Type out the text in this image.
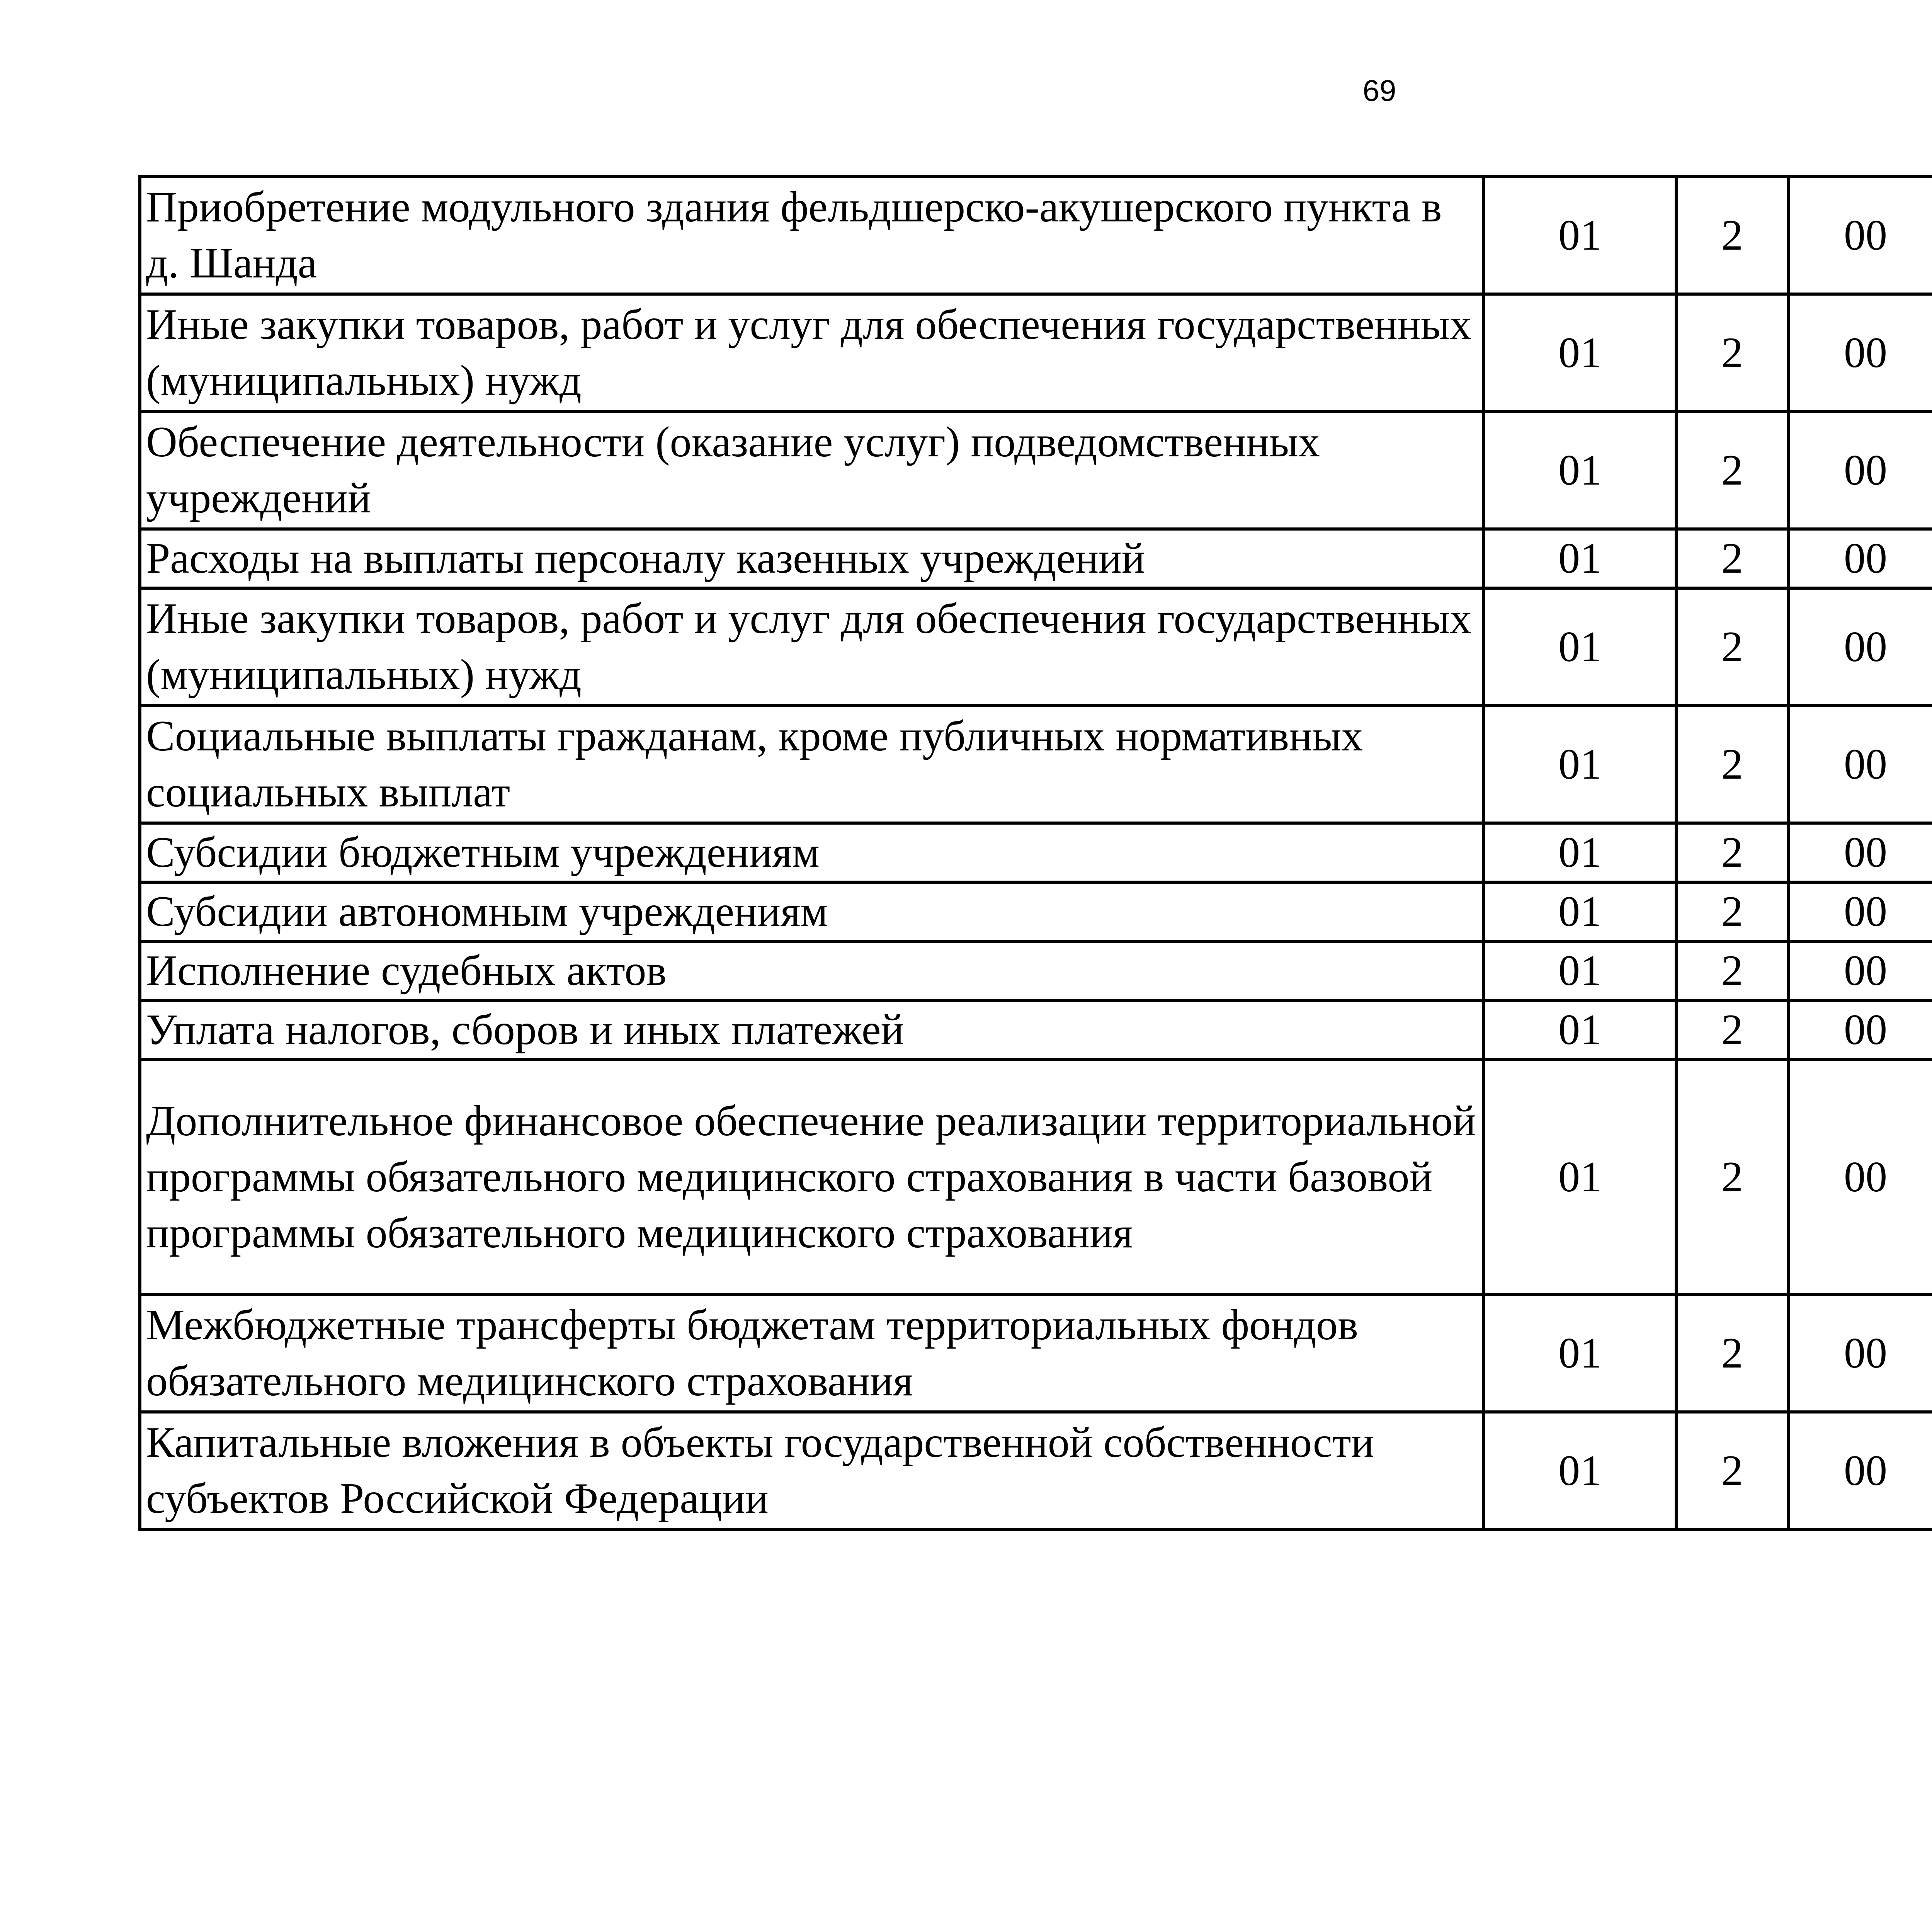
69
Приобретение модульного здания фельдшерско-акушерского пункта в д. Шанда	01	2	00			
Иные закупки товаров, работ и услуг для обеспечения государственных (муниципальных) нужд	01	2	00			
Обеспечение деятельности (оказание услуг) подведомственных учреждений	01	2	00			
Расходы на выплаты персоналу казенных учреждений	01	2	00			
Иные закупки товаров, работ и услуг для обеспечения государственных (муниципальных) нужд	01	2	00			
Социальные выплаты гражданам, кроме публичных нормативных социальных выплат	01	2	00			
Субсидии бюджетным учреждениям	01	2	00			
Субсидии автономным учреждениям	01	2	00			
Исполнение судебных актов	01	2	00			
Уплата налогов, сборов и иных платежей	01	2	00			
Дополнительное финансовое обеспечение реализации территориальной программы обязательного медицинского страхования в части базовой программы обязательного медицинского страхования	01	2	00			
Межбюджетные трансферты бюджетам территориальных фондов обязательного медицинского страхования	01	2	00			
Капитальные вложения в объекты государственной собственности субъектов Российской Федерации	01	2	00			
